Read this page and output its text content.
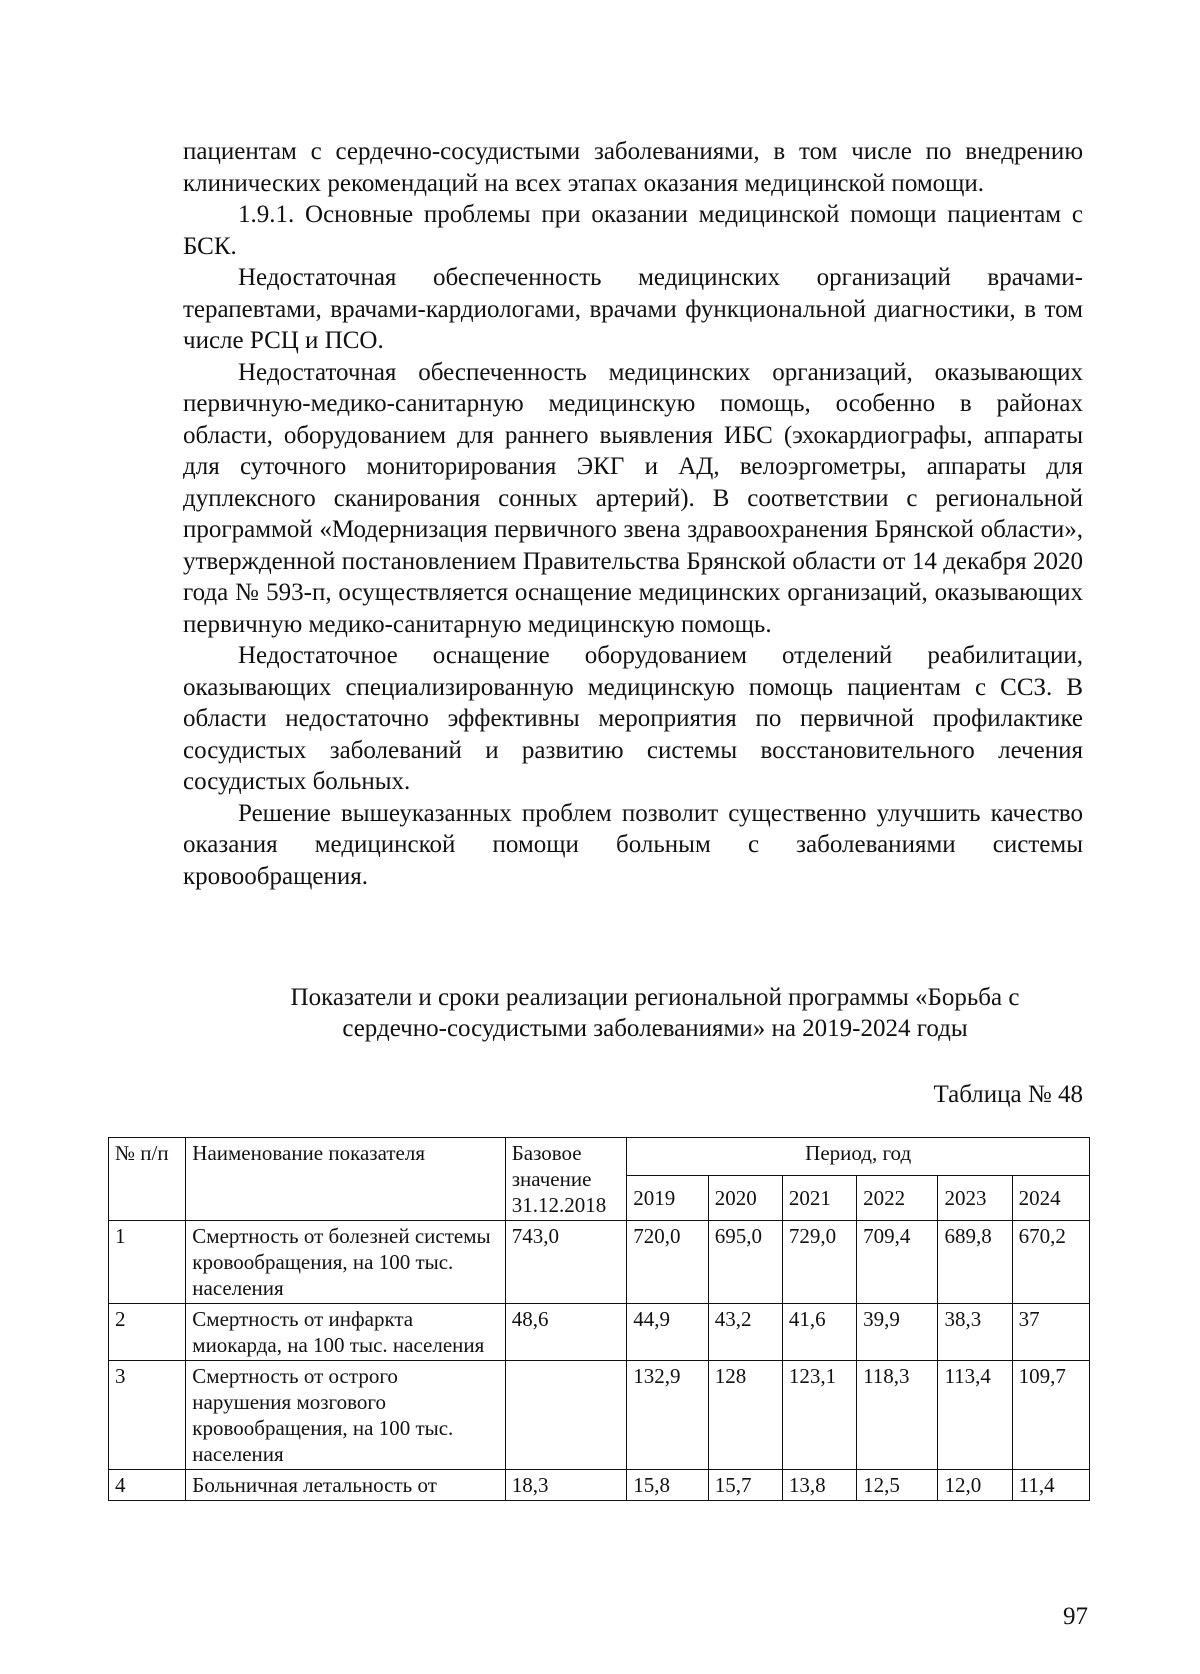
пациентам с сердечно-сосудистыми заболеваниями, в том числе по внедрению клинических рекомендаций на всех этапах оказания медицинской помощи.

1.9.1. Основные проблемы при оказании медицинской помощи пациентам с БСК.

Недостаточная обеспеченность медицинских организаций врачами-терапевтами, врачами-кардиологами, врачами функциональной диагностики, в том числе РСЦ и ПСО.

Недостаточная обеспеченность медицинских организаций, оказывающих первичную-медико-санитарную медицинскую помощь, особенно в районах области, оборудованием для раннего выявления ИБС (эхокардиографы, аппараты для суточного мониторирования ЭКГ и АД, велоэргометры, аппараты для дуплексного сканирования сонных артерий). В соответствии с региональной программой «Модернизация первичного звена здравоохранения Брянской области», утвержденной постановлением Правительства Брянской области от 14 декабря 2020 года № 593-п, осуществляется оснащение медицинских организаций, оказывающих первичную медико-санитарную медицинскую помощь.

Недостаточное оснащение оборудованием отделений реабилитации, оказывающих специализированную медицинскую помощь пациентам с ССЗ. В области недостаточно эффективны мероприятия по первичной профилактике сосудистых заболеваний и развитию системы восстановительного лечения сосудистых больных.

Решение вышеуказанных проблем позволит существенно улучшить качество оказания медицинской помощи больным с заболеваниями системы кровообращения.

Показатели и сроки реализации региональной программы «Борьба с
сердечно-сосудистыми заболеваниями» на 2019-2024 годы
Таблица № 48
№ п/п	Наименование показателя	Базовое значение 31.12.2018	Период, год					
			2019	2020	2021	2022	2023	2024
1	Смертность от болезней системы кровообращения, на 100 тыс. населения	743,0	720,0	695,0	729,0	709,4	689,8	670,2
2	Смертность от инфаркта миокарда, на 100 тыс. населения	48,6	44,9	43,2	41,6	39,9	38,3	37
3	Смертность от острого нарушения мозгового кровообращения, на 100 тыс. населения		132,9	128	123,1	118,3	113,4	109,7
4	Больничная летальность от	18,3	15,8	15,7	13,8	12,5	12,0	11,4
97
